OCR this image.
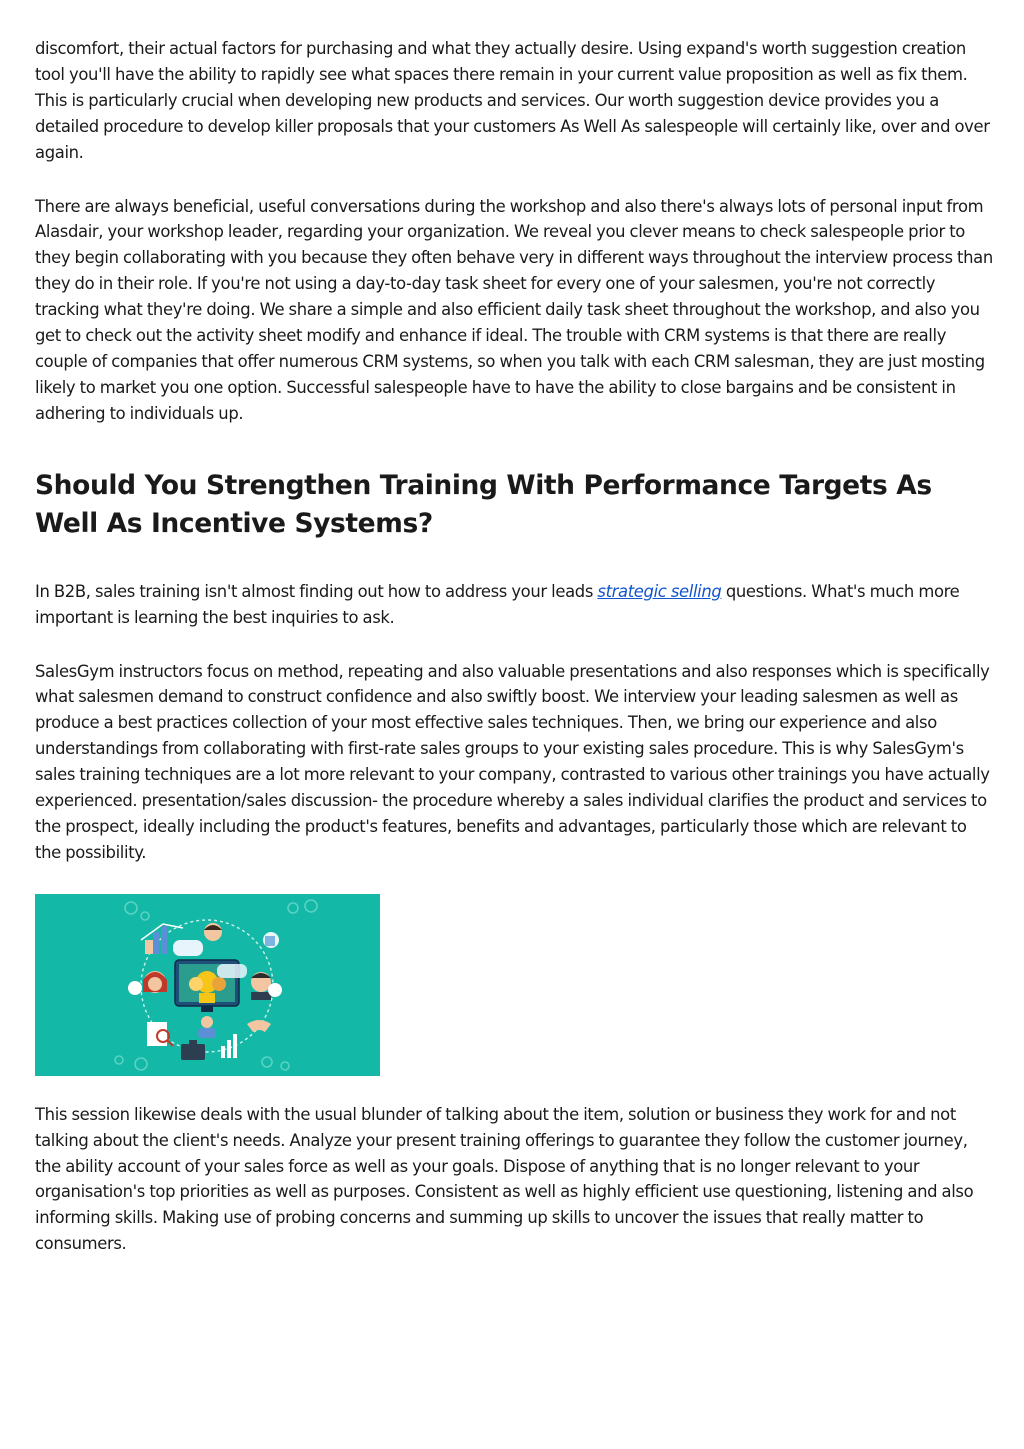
discomfort, their actual factors for purchasing and what they actually desire. Using expand's worth suggestion creation tool you'll have the ability to rapidly see what spaces there remain in your current value proposition as well as fix them. This is particularly crucial when developing new products and services. Our worth suggestion device provides you a detailed procedure to develop killer proposals that your customers As Well As salespeople will certainly like, over and over again.

There are always beneficial, useful conversations during the workshop and also there's always lots of personal input from Alasdair, your workshop leader, regarding your organization. We reveal you clever means to check salespeople prior to they begin collaborating with you because they often behave very in different ways throughout the interview process than they do in their role. If you're not using a day-to-day task sheet for every one of your salesmen, you're not correctly tracking what they're doing. We share a simple and also efficient daily task sheet throughout the workshop, and also you get to check out the activity sheet modify and enhance if ideal. The trouble with CRM systems is that there are really couple of companies that offer numerous CRM systems, so when you talk with each CRM salesman, they are just mosting likely to market you one option. Successful salespeople have to have the ability to close bargains and be consistent in adhering to individuals up.

Should You Strengthen Training With Performance Targets As Well As Incentive Systems?

In B2B, sales training isn't almost finding out how to address your leads strategic selling questions. What's much more important is learning the best inquiries to ask.

SalesGym instructors focus on method, repeating and also valuable presentations and also responses which is specifically what salesmen demand to construct confidence and also swiftly boost. We interview your leading salesmen as well as produce a best practices collection of your most effective sales techniques. Then, we bring our experience and also understandings from collaborating with first-rate sales groups to your existing sales procedure. This is why SalesGym's sales training techniques are a lot more relevant to your company, contrasted to various other trainings you have actually experienced. presentation/sales discussion- the procedure whereby a sales individual clarifies the product and services to the prospect, ideally including the product's features, benefits and advantages, particularly those which are relevant to the possibility.

This session likewise deals with the usual blunder of talking about the item, solution or business they work for and not talking about the client's needs. Analyze your present training offerings to guarantee they follow the customer journey, the ability account of your sales force as well as your goals. Dispose of anything that is no longer relevant to your organisation's top priorities as well as purposes. Consistent as well as highly efficient use questioning, listening and also informing skills. Making use of probing concerns and summing up skills to uncover the issues that really matter to consumers.
